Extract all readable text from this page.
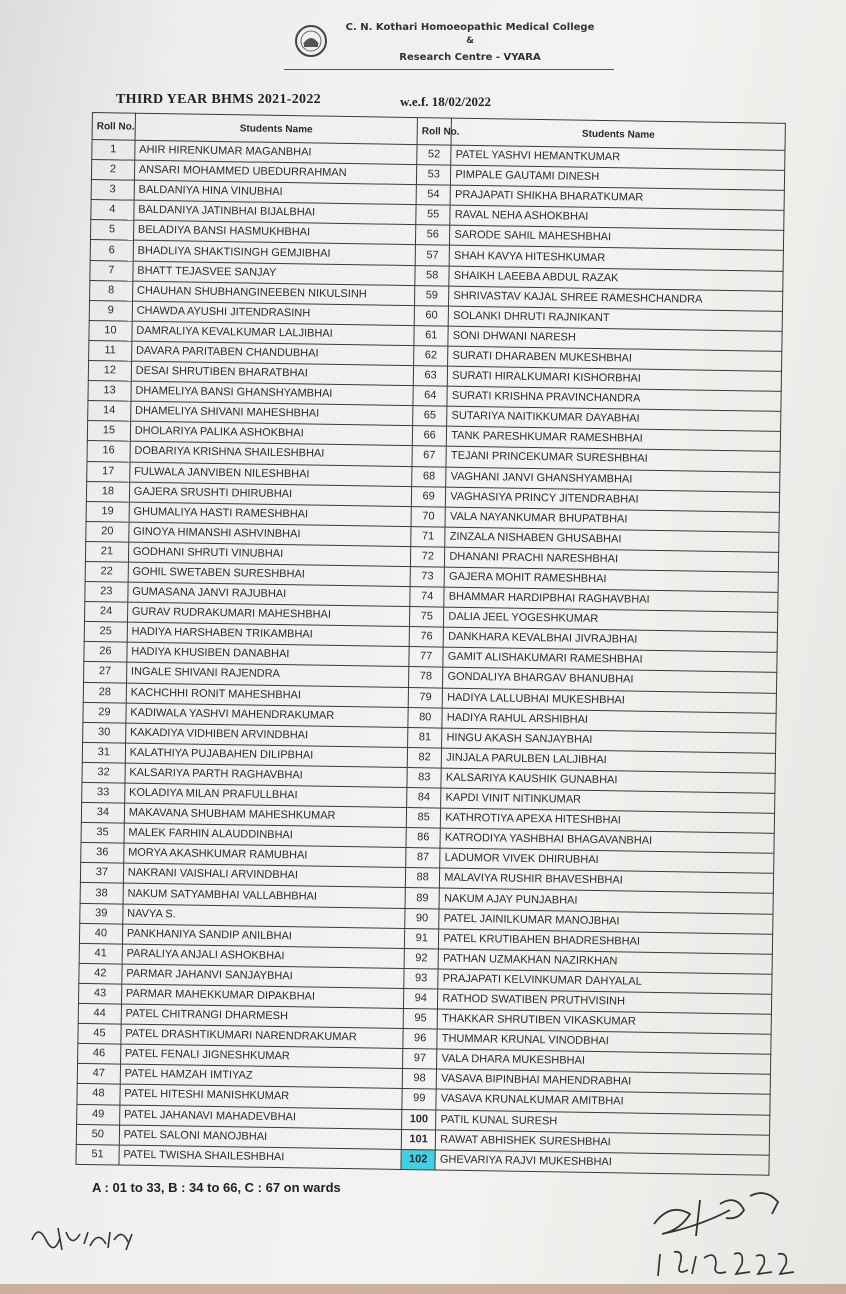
C. N. Kothari Homoeopathic Medical College
&
Research Centre - VYARA
THIRD YEAR BHMS 2021-2022	w.e.f. 18/02/2022
Roll No.	Students Name	Roll No.	Students Name
1	AHIR HIRENKUMAR MAGANBHAI	52	PATEL YASHVI HEMANTKUMAR
2	ANSARI MOHAMMED UBEDURRAHMAN	53	PIMPALE GAUTAMI DINESH
3	BALDANIYA HINA VINUBHAI	54	PRAJAPATI SHIKHA BHARATKUMAR
4	BALDANIYA JATINBHAI BIJALBHAI	55	RAVAL NEHA ASHOKBHAI
5	BELADIYA BANSI HASMUKHBHAI	56	SARODE SAHIL MAHESHBHAI
6	BHADLIYA SHAKTISINGH GEMJIBHAI	57	SHAH KAVYA HITESHKUMAR
7	BHATT TEJASVEE SANJAY	58	SHAIKH LAEEBA ABDUL RAZAK
8	CHAUHAN SHUBHANGINEEBEN NIKULSINH	59	SHRIVASTAV KAJAL SHREE RAMESHCHANDRA
9	CHAWDA AYUSHI JITENDRASINH	60	SOLANKI DHRUTI RAJNIKANT
10	DAMRALIYA KEVALKUMAR LALJIBHAI	61	SONI DHWANI NARESH
11	DAVARA PARITABEN CHANDUBHAI	62	SURATI DHARABEN MUKESHBHAI
12	DESAI SHRUTIBEN BHARATBHAI	63	SURATI HIRALKUMARI KISHORBHAI
13	DHAMELIYA BANSI GHANSHYAMBHAI	64	SURATI KRISHNA PRAVINCHANDRA
14	DHAMELIYA SHIVANI MAHESHBHAI	65	SUTARIYA NAITIKKUMAR DAYABHAI
15	DHOLARIYA PALIKA ASHOKBHAI	66	TANK PARESHKUMAR RAMESHBHAI
16	DOBARIYA KRISHNA SHAILESHBHAI	67	TEJANI PRINCEKUMAR SURESHBHAI
17	FULWALA JANVIBEN NILESHBHAI	68	VAGHANI JANVI GHANSHYAMBHAI
18	GAJERA SRUSHTI DHIRUBHAI	69	VAGHASIYA PRINCY JITENDRABHAI
19	GHUMALIYA HASTI RAMESHBHAI	70	VALA NAYANKUMAR BHUPATBHAI
20	GINOYA HIMANSHI ASHVINBHAI	71	ZINZALA NISHABEN GHUSABHAI
21	GODHANI SHRUTI VINUBHAI	72	DHANANI PRACHI NARESHBHAI
22	GOHIL SWETABEN SURESHBHAI	73	GAJERA MOHIT RAMESHBHAI
23	GUMASANA JANVI RAJUBHAI	74	BHAMMAR HARDIPBHAI RAGHAVBHAI
24	GURAV RUDRAKUMARI MAHESHBHAI	75	DALIA JEEL YOGESHKUMAR
25	HADIYA HARSHABEN TRIKAMBHAI	76	DANKHARA KEVALBHAI JIVRAJBHAI
26	HADIYA KHUSIBEN DANABHAI	77	GAMIT ALISHAKUMARI RAMESHBHAI
27	INGALE SHIVANI RAJENDRA	78	GONDALIYA BHARGAV BHANUBHAI
28	KACHCHHI RONIT MAHESHBHAI	79	HADIYA LALLUBHAI MUKESHBHAI
29	KADIWALA YASHVI MAHENDRAKUMAR	80	HADIYA RAHUL ARSHIBHAI
30	KAKADIYA VIDHIBEN ARVINDBHAI	81	HINGU AKASH SANJAYBHAI
31	KALATHIYA PUJABAHEN DILIPBHAI	82	JINJALA PARULBEN LALJIBHAI
32	KALSARIYA PARTH RAGHAVBHAI	83	KALSARIYA KAUSHIK GUNABHAI
33	KOLADIYA MILAN PRAFULLBHAI	84	KAPDI VINIT NITINKUMAR
34	MAKAVANA SHUBHAM MAHESHKUMAR	85	KATHROTIYA APEXA HITESHBHAI
35	MALEK FARHIN ALAUDDINBHAI	86	KATRODIYA YASHBHAI BHAGAVANBHAI
36	MORYA AKASHKUMAR RAMUBHAI	87	LADUMOR VIVEK DHIRUBHAI
37	NAKRANI VAISHALI ARVINDBHAI	88	MALAVIYA RUSHIR BHAVESHBHAI
38	NAKUM SATYAMBHAI VALLABHBHAI	89	NAKUM AJAY PUNJABHAI
39	NAVYA S.	90	PATEL JAINILKUMAR MANOJBHAI
40	PANKHANIYA SANDIP ANILBHAI	91	PATEL KRUTIBAHEN BHADRESHBHAI
41	PARALIYA ANJALI ASHOKBHAI	92	PATHAN UZMAKHAN NAZIRKHAN
42	PARMAR JAHANVI SANJAYBHAI	93	PRAJAPATI KELVINKUMAR DAHYALAL
43	PARMAR MAHEKKUMAR DIPAKBHAI	94	RATHOD SWATIBEN PRUTHVISINH
44	PATEL CHITRANGI DHARMESH	95	THAKKAR SHRUTIBEN VIKASKUMAR
45	PATEL DRASHTIKUMARI NARENDRAKUMAR	96	THUMMAR KRUNAL VINODBHAI
46	PATEL FENALI JIGNESHKUMAR	97	VALA DHARA MUKESHBHAI
47	PATEL HAMZAH IMTIYAZ	98	VASAVA BIPINBHAI MAHENDRABHAI
48	PATEL HITESHI MANISHKUMAR	99	VASAVA KRUNALKUMAR AMITBHAI
49	PATEL JAHANAVI MAHADEVBHAI	100	PATIL KUNAL SURESH
50	PATEL SALONI MANOJBHAI	101	RAWAT ABHISHEK SURESHBHAI
51	PATEL TWISHA SHAILESHBHAI	102	GHEVARIYA RAJVI MUKESHBHAI
A : 01 to 33, B : 34 to 66, C : 67 on wards
